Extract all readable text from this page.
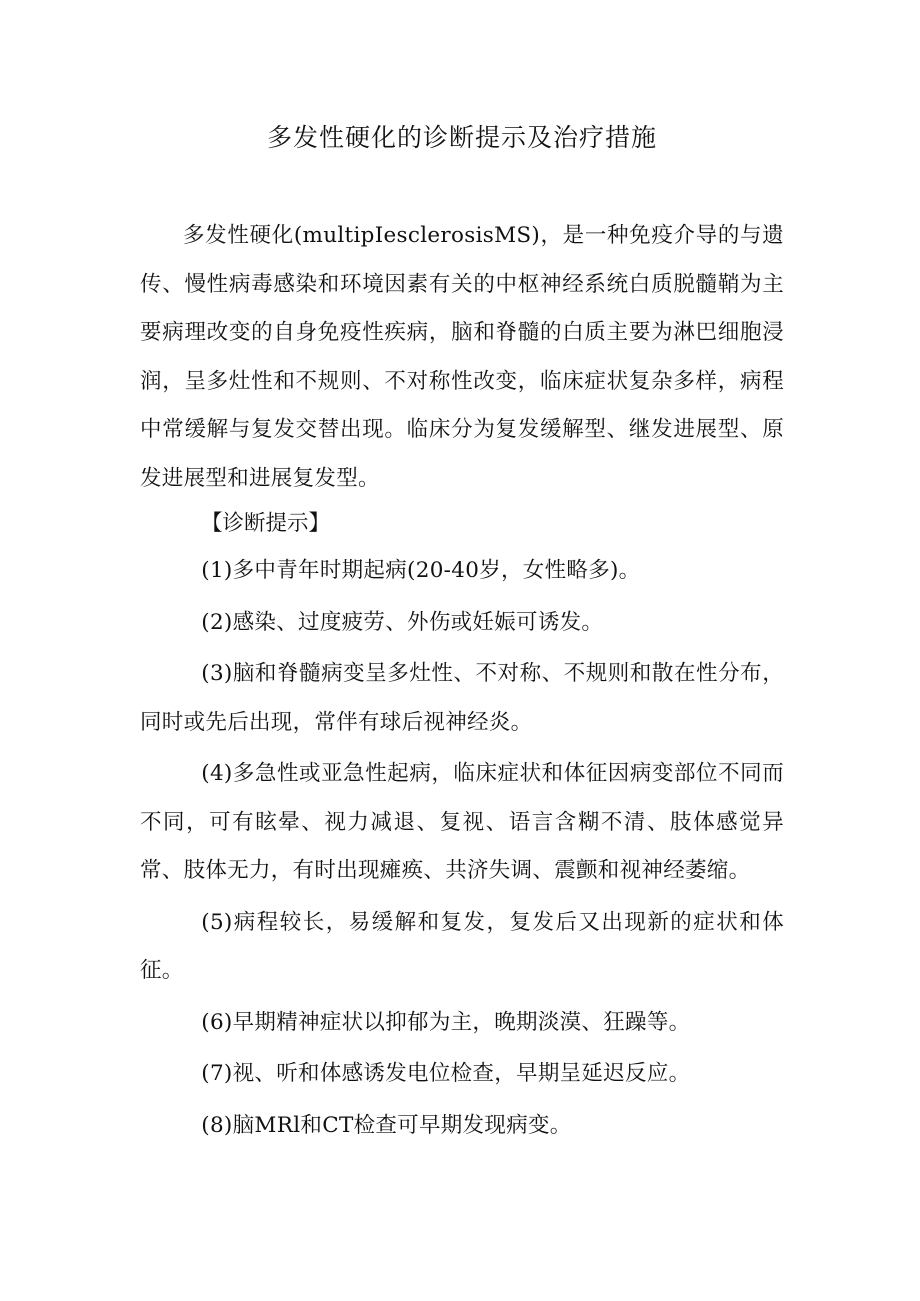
多发性硬化的诊断提示及治疗措施

多发性硬化(multipIesclerosisMS)，是一种免疫介导的与遗传、慢性病毒感染和环境因素有关的中枢神经系统白质脱髓鞘为主要病理改变的自身免疫性疾病，脑和脊髓的白质主要为淋巴细胞浸润，呈多灶性和不规则、不对称性改变，临床症状复杂多样，病程中常缓解与复发交替出现。临床分为复发缓解型、继发进展型、原发进展型和进展复发型。

【诊断提示】

(1)多中青年时期起病(20-40岁，女性略多)。
(2)感染、过度疲劳、外伤或妊娠可诱发。
(3)脑和脊髓病变呈多灶性、不对称、不规则和散在性分布，同时或先后出现，常伴有球后视神经炎。
(4)多急性或亚急性起病，临床症状和体征因病变部位不同而不同，可有眩晕、视力减退、复视、语言含糊不清、肢体感觉异常、肢体无力，有时出现瘫痪、共济失调、震颤和视神经萎缩。
(5)病程较长，易缓解和复发，复发后又出现新的症状和体征。
(6)早期精神症状以抑郁为主，晚期淡漠、狂躁等。
(7)视、听和体感诱发电位检查，早期呈延迟反应。
(8)脑MRl和CT检查可早期发现病变。
